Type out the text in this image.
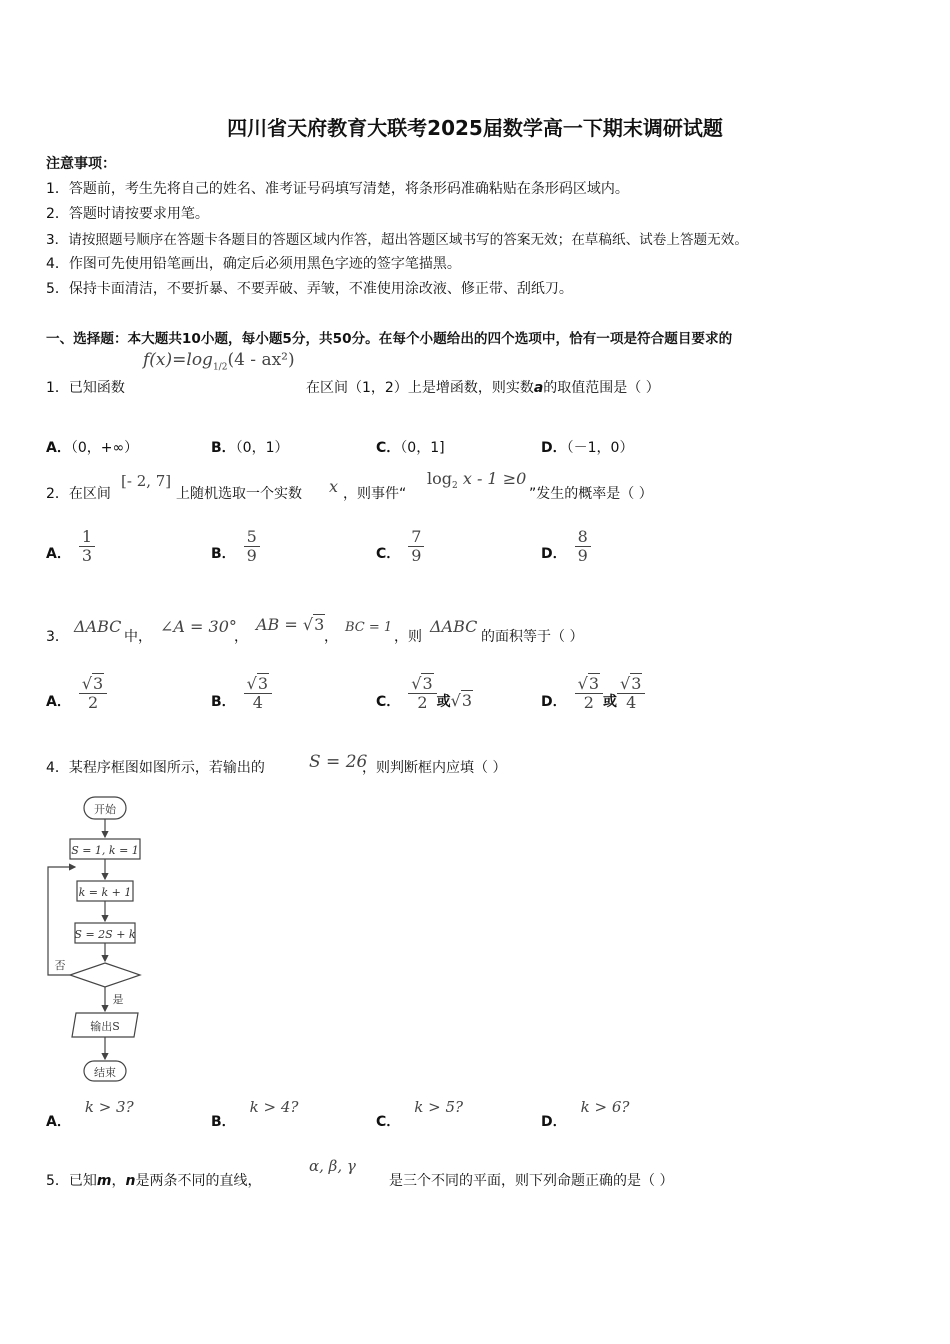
四川省天府教育大联考2025届数学高一下期末调研试题
注意事项：
1．答题前，考生先将自己的姓名、准考证号码填写清楚，将条形码准确粘贴在条形码区域内。
2．答题时请按要求用笔。
3．请按照题号顺序在答题卡各题目的答题区域内作答，超出答题区域书写的答案无效；在草稿纸、试卷上答题无效。
4．作图可先使用铅笔画出，确定后必须用黑色字迹的签字笔描黑。
5．保持卡面清洁，不要折暴、不要弄破、弄皱，不准使用涂改液、修正带、刮纸刀。
一、选择题：本大题共10小题，每小题5分，共50分。在每个小题给出的四个选项中，恰有一项是符合题目要求的
1．已知函数
$f(x)=\log_{1/2}(4 - ax^2)$
在区间（1，2）上是增函数，则实数a的取值范围是（ ）
A．（0，+∞）	B．（0，1）	C．（0，1]	D．（－1，0）
2．在区间
[- 2, 7]
上随机选取一个实数 x ，则事件“
$\log_2 x - 1 \ge 0$
”发生的概率是（ ）
A． $\frac{1}{3}$	B． $\frac{5}{9}$	C． $\frac{7}{9}$	D． $\frac{8}{9}$
3．
ΔABC
中，
∠A = 30°
，
AB = √3
，
BC = 1
，则
ΔABC
的面积等于（ ）
A． $\frac{√3}{2}$	B． $\frac{√3}{4}$	C． $\frac{√3}{2}$ 或√3	D． $\frac{√3}{2}$ 或 $\frac{√3}{4}$
4．某程序框图如图所示，若输出的	S = 26
，则判断框内应填（ ）
开始
S = 1, k = 1
k = k + 1
S = 2S + k
否
是
输出S
结束
A．k > 3?
B．k > 4?
C．k > 5?
D．k > 6?
5．已知m，n是两条不同的直线，
α, β, γ
是三个不同的平面，则下列命题正确的是（ ）
